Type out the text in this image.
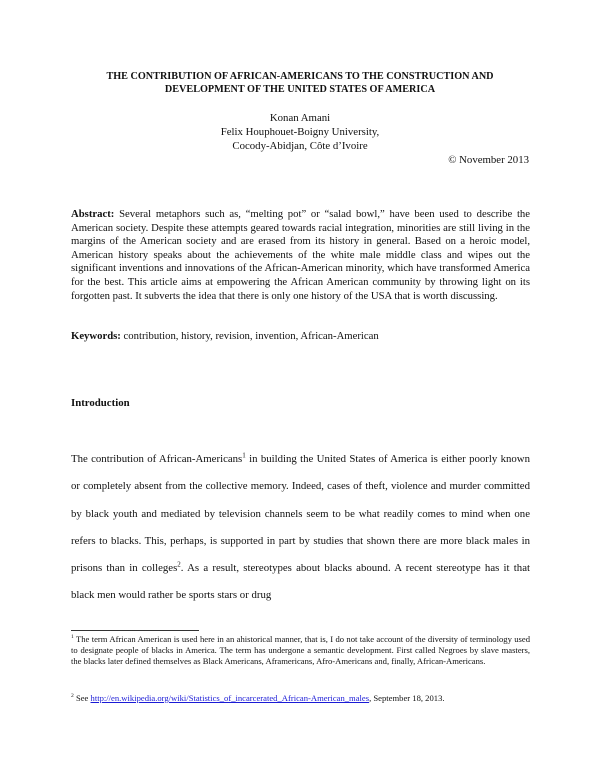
THE CONTRIBUTION OF AFRICAN-AMERICANS TO THE CONSTRUCTION AND
DEVELOPMENT OF THE UNITED STATES OF AMERICA
Konan Amani
Felix Houphouet-Boigny University,
Cocody-Abidjan, Côte d’Ivoire
© November 2013
Abstract: Several metaphors such as, “melting pot” or “salad bowl,” have been used to describe the American society. Despite these attempts geared towards racial integration, minorities are still living in the margins of the American society and are erased from its history in general. Based on a heroic model, American history speaks about the achievements of the white male middle class and wipes out the significant inventions and innovations of the African-American minority, which have transformed America for the best. This article aims at empowering the African American community by throwing light on its forgotten past. It subverts the idea that there is only one history of the USA that is worth discussing.
Keywords: contribution, history, revision, invention, African-American
Introduction
The contribution of African-Americans$^1$ in building the United States of America is either poorly known or completely absent from the collective memory. Indeed, cases of theft, violence and murder committed by black youth and mediated by television channels seem to be what readily comes to mind when one refers to blacks. This, perhaps, is supported in part by studies that shown there are more black males in prisons than in colleges$^2$. As a result, stereotypes about blacks abound. A recent stereotype has it that black men would rather be sports stars or drug
$^1$ The term African American is used here in an ahistorical manner, that is, I do not take account of the diversity of terminology used to designate people of blacks in America. The term has undergone a semantic development. First called Negroes by slave masters, the blacks later defined themselves as Black Americans, Aframericans, Afro-Americans and, finally, African-Americans.
$^2$ See http://en.wikipedia.org/wiki/Statistics_of_incarcerated_African-American_males, September 18, 2013.
